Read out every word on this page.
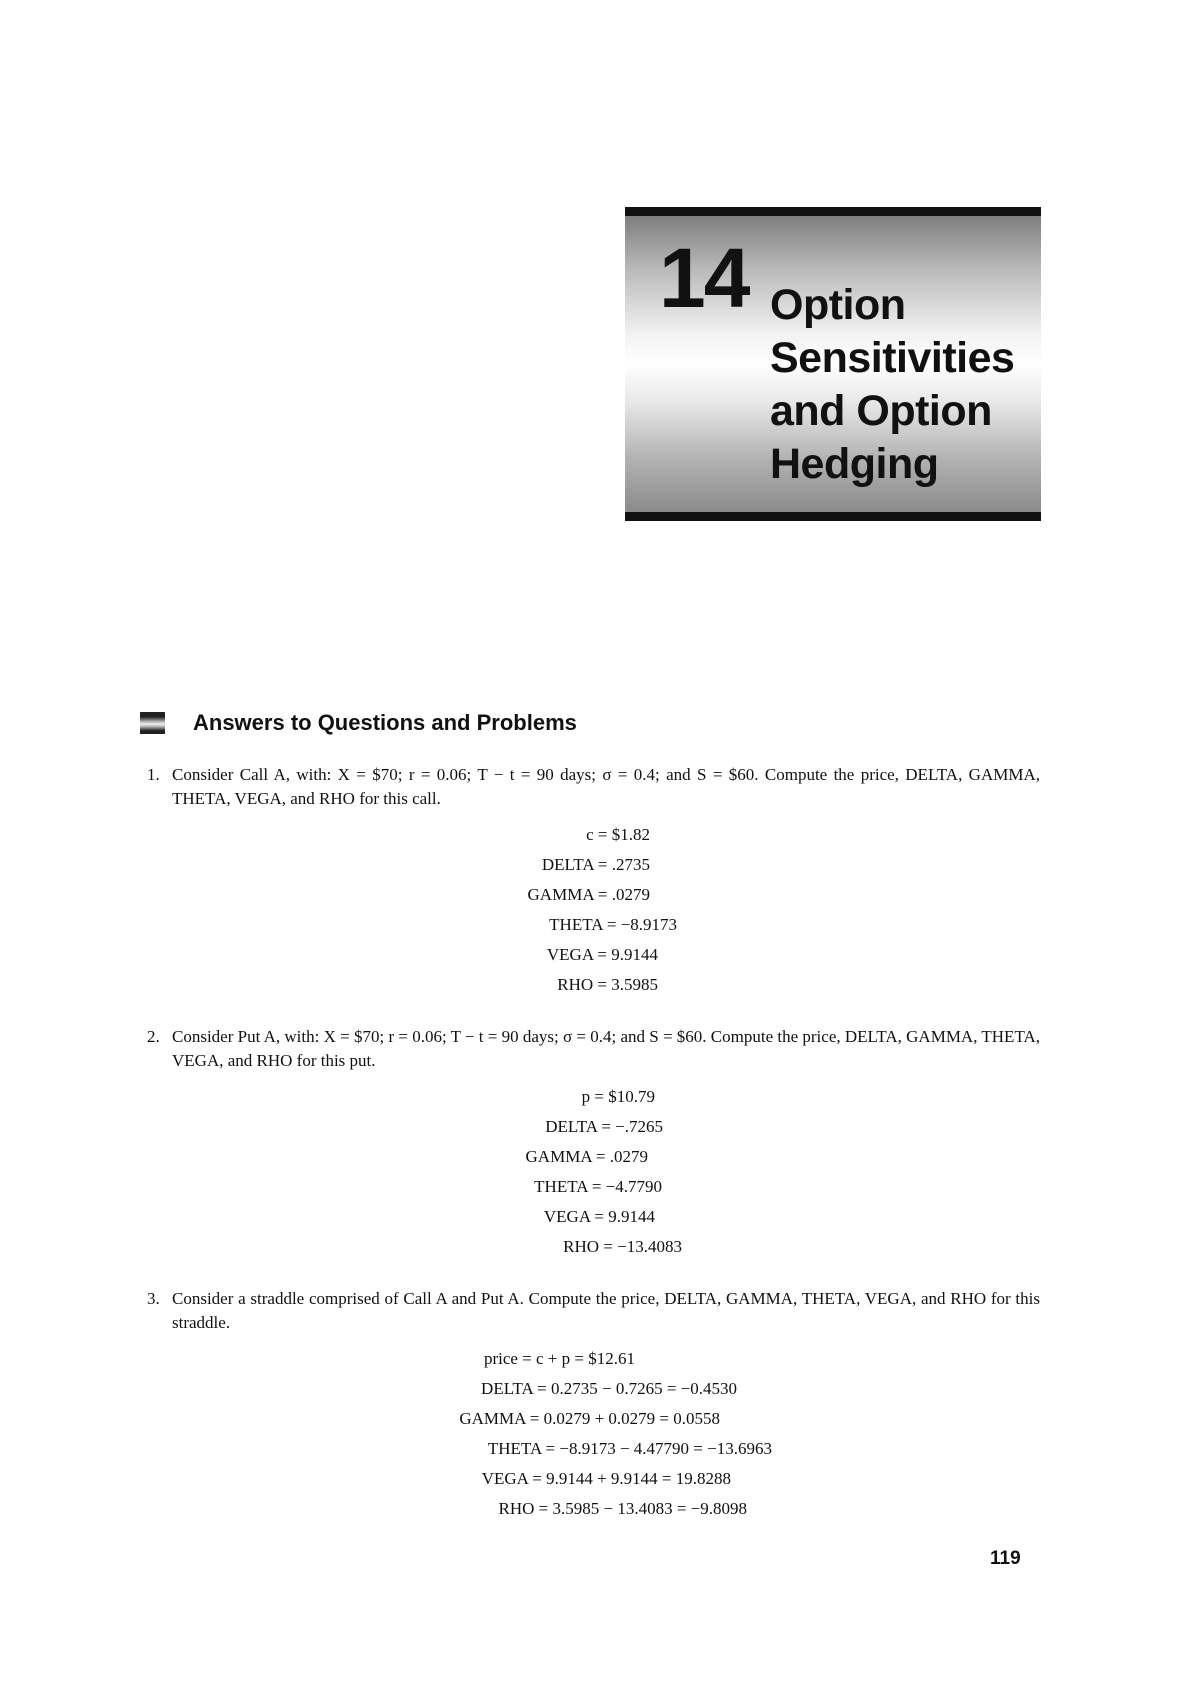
14 Option
Sensitivities
and Option
Hedging
Answers to Questions and Problems
1. Consider Call A, with: X = $70; r = 0.06; T − t = 90 days; σ = 0.4; and S = $60. Compute the price, DELTA, GAMMA, THETA, VEGA, and RHO for this call.
c = $1.82
DELTA = .2735
GAMMA = .0279
THETA = −8.9173
VEGA = 9.9144
RHO = 3.5985
2. Consider Put A, with: X = $70; r = 0.06; T − t = 90 days; σ = 0.4; and S = $60. Compute the price, DELTA, GAMMA, THETA, VEGA, and RHO for this put.
p = $10.79
DELTA = −.7265
GAMMA = .0279
THETA = −4.7790
VEGA = 9.9144
RHO = −13.4083
3. Consider a straddle comprised of Call A and Put A. Compute the price, DELTA, GAMMA, THETA, VEGA, and RHO for this straddle.
price = c + p = $12.61
DELTA = 0.2735 − 0.7265 = −0.4530
GAMMA = 0.0279 + 0.0279 = 0.0558
THETA = −8.9173 − 4.47790 = −13.6963
VEGA = 9.9144 + 9.9144 = 19.8288
RHO = 3.5985 − 13.4083 = −9.8098
119
